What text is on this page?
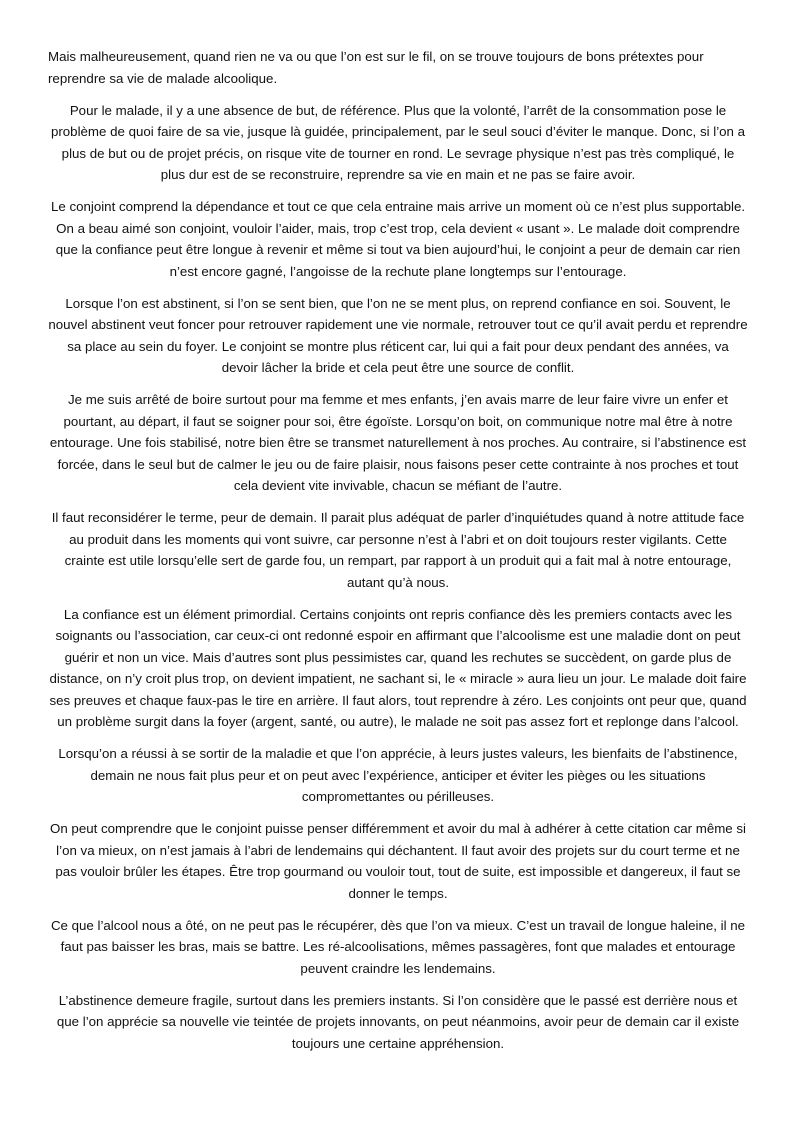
Mais malheureusement, quand rien ne va ou que l’on est sur le fil, on se trouve toujours de bons prétextes pour reprendre sa vie de malade alcoolique.

Pour le malade, il y a une absence de but, de référence. Plus que la volonté, l’arrêt de la consommation pose le problème de quoi faire de sa vie, jusque là guidée, principalement, par le seul souci d’éviter le manque. Donc, si l’on a plus de but ou de projet précis, on risque vite de tourner en rond. Le sevrage physique n’est pas très compliqué, le plus dur est de se reconstruire, reprendre sa vie en main et ne pas se faire avoir.

Le conjoint comprend la dépendance et tout ce que cela entraine mais arrive un moment où ce n’est plus supportable. On a beau aimé son conjoint, vouloir l’aider, mais, trop c’est trop, cela devient « usant ». Le malade doit comprendre que la confiance peut être longue à revenir et même si tout va bien aujourd’hui, le conjoint a peur de demain car rien n’est encore gagné, l’angoisse de la rechute plane longtemps sur l’entourage.

Lorsque l’on est abstinent, si l’on se sent bien, que l’on ne se ment plus, on reprend confiance en soi. Souvent, le nouvel abstinent veut foncer pour retrouver rapidement une vie normale, retrouver tout ce qu’il avait perdu et reprendre sa place au sein du foyer. Le conjoint se montre plus réticent car, lui qui a fait pour deux pendant des années, va devoir lâcher la bride et cela peut être une source de conflit.

Je me suis arrêté de boire surtout pour ma femme et mes enfants, j’en avais marre de leur faire vivre un enfer et pourtant, au départ, il faut se soigner pour soi, être égoïste. Lorsqu’on boit, on communique notre mal être à notre entourage. Une fois stabilisé, notre bien être se transmet naturellement à nos proches. Au contraire, si l’abstinence est forcée, dans le seul but de calmer le jeu ou de faire plaisir, nous faisons peser cette contrainte à nos proches et tout cela devient vite invivable, chacun se méfiant de l’autre.

Il faut reconsidérer le terme, peur de demain. Il parait plus adéquat de parler d’inquiétudes quand à notre attitude face au produit dans les moments qui vont suivre, car personne n’est à l’abri et on doit toujours rester vigilants. Cette crainte est utile lorsqu’elle sert de garde fou, un rempart, par rapport à un produit qui a fait mal à notre entourage, autant qu’à nous.

La confiance est un élément primordial. Certains conjoints ont repris confiance dès les premiers contacts avec les soignants ou l’association, car ceux-ci ont redonné espoir en affirmant que l’alcoolisme est une maladie dont on peut guérir et non un vice. Mais d’autres sont plus pessimistes car, quand les rechutes se succèdent, on garde plus de distance, on n’y croit plus trop, on devient impatient, ne sachant si, le « miracle » aura lieu un jour. Le malade doit faire ses preuves et chaque faux-pas le tire en arrière. Il faut alors, tout reprendre à zéro. Les conjoints ont peur que, quand un problème surgit dans la foyer (argent, santé, ou autre), le malade ne soit pas assez fort et replonge dans l’alcool.

Lorsqu’on a réussi à se sortir de la maladie et que l’on apprécie, à leurs justes valeurs, les bienfaits de l’abstinence, demain ne nous fait plus peur et on peut avec l’expérience, anticiper et éviter les pièges ou les situations compromettantes ou périlleuses.

On peut comprendre que le conjoint puisse penser différemment et avoir du mal à adhérer à cette citation car même si l’on va mieux, on n’est jamais à l’abri de lendemains qui déchantent. Il faut avoir des projets sur du court terme et ne pas vouloir brûler les étapes. Être trop gourmand ou vouloir tout, tout de suite, est impossible et dangereux, il faut se donner le temps.

Ce que l’alcool nous a ôté, on ne peut pas le récupérer, dès que l’on va mieux. C’est un travail de longue haleine, il ne faut pas baisser les bras, mais se battre. Les ré-alcoolisations, mêmes passagères, font que malades et entourage peuvent craindre les lendemains.

L’abstinence demeure fragile, surtout dans les premiers instants. Si l’on considère que le passé est derrière nous et que l’on apprécie sa nouvelle vie teintée de projets innovants, on peut néanmoins, avoir peur de demain car il existe toujours une certaine appréhension.
